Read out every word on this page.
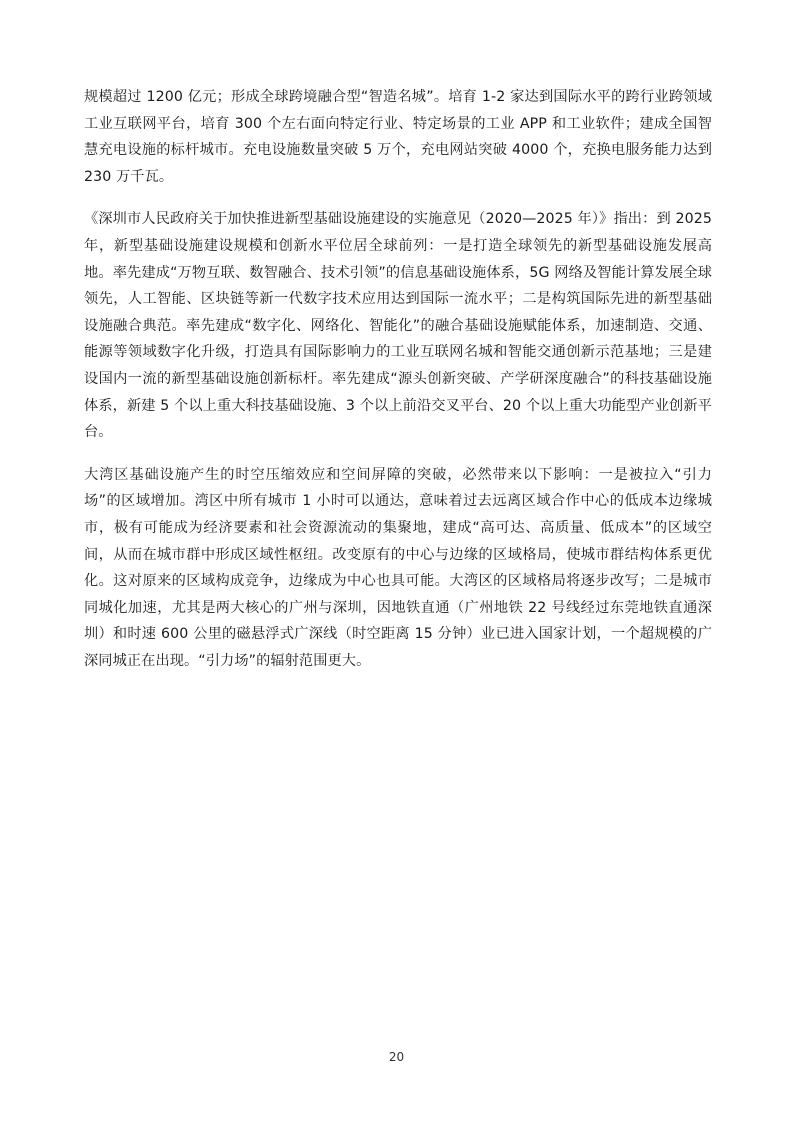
规模超过 1200 亿元；形成全球跨境融合型“智造名城”。培育 1-2 家达到国际水平的跨行业跨领域工业互联网平台，培育 300 个左右面向特定行业、特定场景的工业 APP 和工业软件；建成全国智慧充电设施的标杆城市。充电设施数量突破 5 万个，充电网站突破 4000 个，充换电服务能力达到 230 万千瓦。

《深圳市人民政府关于加快推进新型基础设施建设的实施意见（2020—2025 年）》指出：到 2025 年，新型基础设施建设规模和创新水平位居全球前列：一是打造全球领先的新型基础设施发展高地。率先建成“万物互联、数智融合、技术引领”的信息基础设施体系，5G 网络及智能计算发展全球领先，人工智能、区块链等新一代数字技术应用达到国际一流水平；二是构筑国际先进的新型基础设施融合典范。率先建成“数字化、网络化、智能化”的融合基础设施赋能体系，加速制造、交通、能源等领域数字化升级，打造具有国际影响力的工业互联网名城和智能交通创新示范基地；三是建设国内一流的新型基础设施创新标杆。率先建成“源头创新突破、产学研深度融合”的科技基础设施体系，新建 5 个以上重大科技基础设施、3 个以上前沿交叉平台、20 个以上重大功能型产业创新平台。

大湾区基础设施产生的时空压缩效应和空间屏障的突破，必然带来以下影响：一是被拉入“引力场”的区域增加。湾区中所有城市 1 小时可以通达，意味着过去远离区域合作中心的低成本边缘城市，极有可能成为经济要素和社会资源流动的集聚地，建成“高可达、高质量、低成本”的区域空间，从而在城市群中形成区域性枢纽。改变原有的中心与边缘的区域格局，使城市群结构体系更优化。这对原来的区域构成竞争，边缘成为中心也具可能。大湾区的区域格局将逐步改写；二是城市同城化加速，尤其是两大核心的广州与深圳，因地铁直通（广州地铁 22 号线经过东莞地铁直通深圳）和时速 600 公里的磁悬浮式广深线（时空距离 15 分钟）业已进入国家计划，一个超规模的广深同城正在出现。“引力场”的辐射范围更大。

20
